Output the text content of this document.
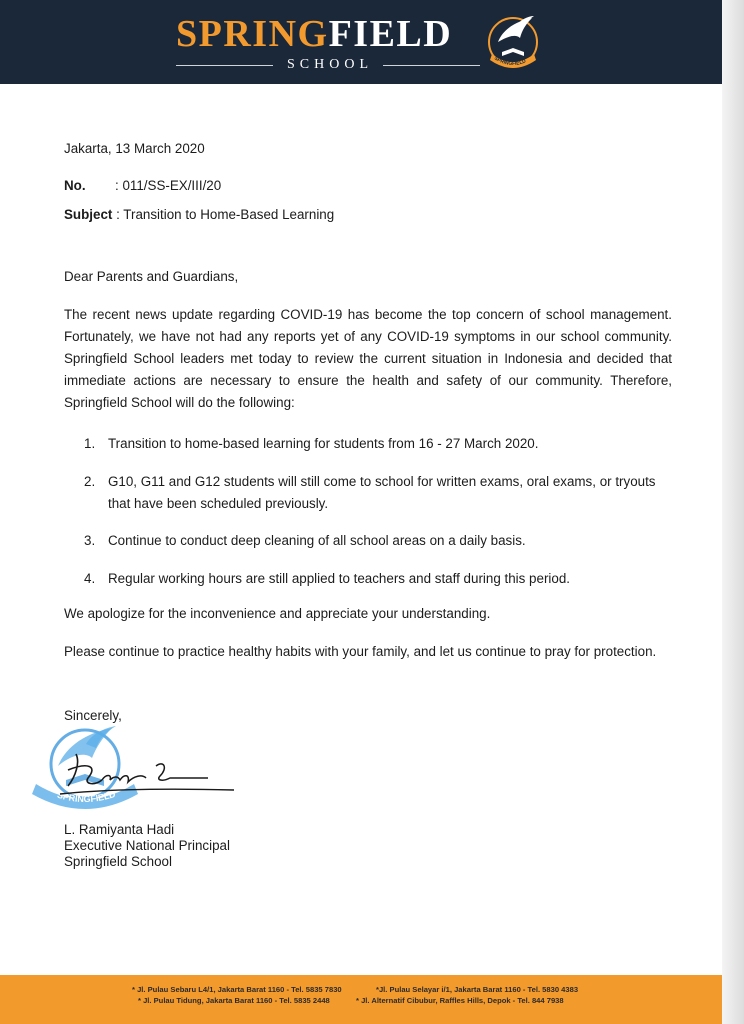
SPRINGFIELD
SCHOOL	SPRINGFIELD
Jakarta, 13 March 2020
No. : 011/SS-EX/III/20
Subject : Transition to Home-Based Learning
Dear Parents and Guardians,
The recent news update regarding COVID-19 has become the top concern of school management. Fortunately, we have not had any reports yet of any COVID-19 symptoms in our school community. Springfield School leaders met today to review the current situation in Indonesia and decided that immediate actions are necessary to ensure the health and safety of our community. Therefore, Springfield School will do the following:
1. Transition to home-based learning for students from 16 - 27 March 2020.
2. G10, G11 and G12 students will still come to school for written exams, oral exams, or tryouts that have been scheduled previously.
3. Continue to conduct deep cleaning of all school areas on a daily basis.
4. Regular working hours are still applied to teachers and staff during this period.
We apologize for the inconvenience and appreciate your understanding.
Please continue to practice healthy habits with your family, and let us continue to pray for protection.
Sincerely,
SPRINGFIELD
L. Ramiyanta Hadi
Executive National Principal
Springfield School
* Jl. Pulau Sebaru L4/1, Jakarta Barat 1160 - Tel. 5835 7830	*Jl. Pulau Selayar i/1, Jakarta Barat 1160 - Tel. 5830 4383
* Jl. Pulau Tidung, Jakarta Barat 1160 - Tel. 5835 2448	* Jl. Alternatif Cibubur, Raffles Hills, Depok - Tel. 844 7938
